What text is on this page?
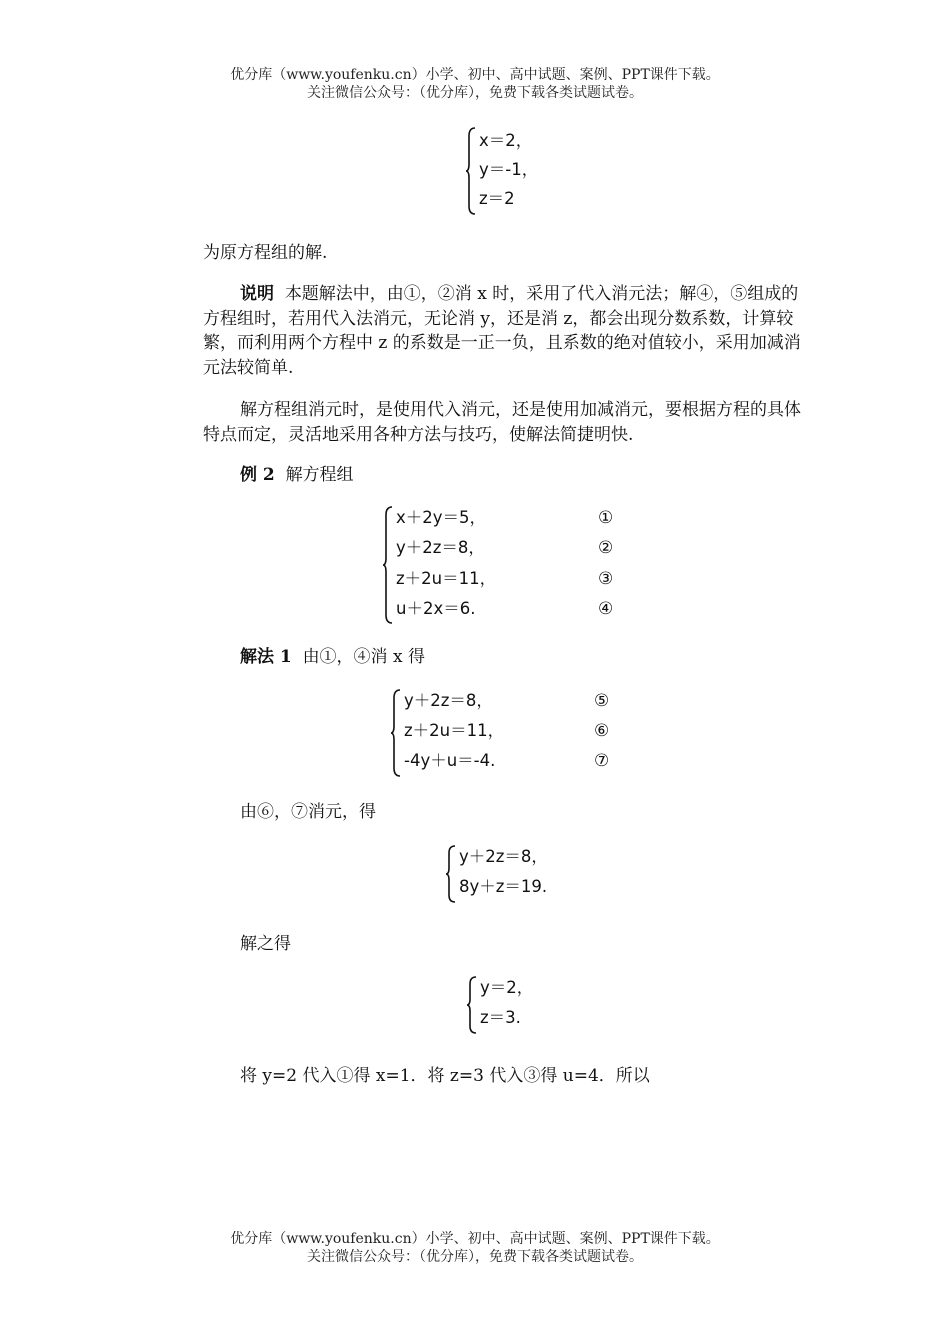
优分库（www.youfenku.cn）小学、初中、高中试题、案例、PPT课件下载。
关注微信公众号：（优分库），免费下载各类试题试卷。
x＝2，
y＝-1，
z＝2

为原方程组的解.

说明 本题解法中，由①，②消 x 时，采用了代入消元法；解④，⑤组成的方程组时，若用代入法消元，无论消 y，还是消 z，都会出现分数系数，计算较繁，而利用两个方程中 z 的系数是一正一负，且系数的绝对值较小，采用加减消元法较简单.

解方程组消元时，是使用代入消元，还是使用加减消元，要根据方程的具体特点而定，灵活地采用各种方法与技巧，使解法简捷明快.

例 2 解方程组
x＋2y＝5，
y＋2z＝8，
z＋2u＝11，
u＋2x＝6.
①
②
③
④
解法 1 由①，④消 x 得
y＋2z＝8，
z＋2u＝11，
-4y＋u＝-4.
⑤
⑥
⑦
由⑥，⑦消元，得
y＋2z＝8，
8y＋z＝19.
解之得
y＝2，
z＝3.
将 y=2 代入①得 x=1．将 z=3 代入③得 u=4．所以
优分库（www.youfenku.cn）小学、初中、高中试题、案例、PPT课件下载。
关注微信公众号：（优分库），免费下载各类试题试卷。
